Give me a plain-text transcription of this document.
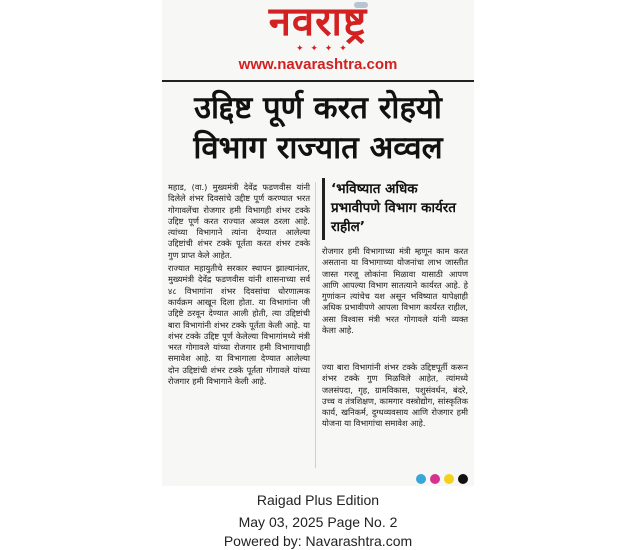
नवराष्ट्र
✦ ✦ ✦ ✦
www.navarashtra.com
उद्दिष्ट पूर्ण करत रोहयो
विभाग राज्यात अव्वल

महाड, (वा.) मुख्यमंत्री देवेंद्र फडणवीस यांनी दिलेले शंभर दिवसांचे उद्दीष्ट पूर्ण करण्यात भरत गोगावलेंचा रोजगार हमी विभागही शंभर टक्के उद्दिष्ट पूर्ण करत राज्यात अव्वल ठरला आहे. त्यांच्या विभागाने त्यांना देण्यात आलेल्या उद्दिष्टांची शंभर टक्के पूर्तता करत शंभर टक्के गुण प्राप्त केले आहेत.

राज्यात महायुतीचे सरकार स्थापन झाल्यानंतर, मुख्यमंत्री देवेंद्र फडणवीस यांनी शासनाच्या सर्व ४८ विभागांना शंभर दिवसांचा धोरणात्मक कार्यक्रम आखून दिला होता. या विभागांना जी उद्दिष्टे ठरवून देण्यात आली होती, त्या उद्दिष्टांची बारा विभागांनी शंभर टक्के पूर्तता केली आहे. या शंभर टक्के उद्दिष्ट पूर्ण केलेल्या विभागांमध्ये मंत्री भरत गोगावले यांच्या रोजगार हमी विभागाचाही समावेश आहे. या विभागाला देण्यात आलेल्या दोन उद्दिष्टांची शंभर टक्के पूर्तता गोगावले यांच्या रोजगार हमी विभागाने केली आहे.

‘भविष्यात अधिक प्रभावीपणे विभाग कार्यरत राहील’

रोजगार हमी विभागाच्या मंत्री म्हणून काम करत असताना या विभागाच्या योजनांचा लाभ जास्तीत जास्त गरजू लोकांना मिळावा यासाठी आपण आणि आपल्या विभाग सातत्याने कार्यरत आहे. हे गुणांकन त्यांचेच यश असून भविष्यात यापेक्षाही अधिक प्रभावीपणे आपला विभाग कार्यरत राहील, असा विश्वास मंत्री भरत गोगावले यांनी व्यक्त केला आहे.

ज्या बारा विभागांनी शंभर टक्के उद्दिष्टपूर्ती करून शंभर टक्के गुण मिळविले आहेत, त्यांमध्ये जलसंपदा, गृह, ग्रामविकास, पशुसंवर्धन, बंदरे, उच्च व तंत्रशिक्षण, कामगार वस्त्रोद्योग, सांस्कृतिक कार्य, खनिकर्म, दुग्धव्यवसाय आणि रोजगार हमी योजना या विभागांचा समावेश आहे.

Raigad Plus Edition
May 03, 2025 Page No. 2
Powered by: Navarashtra.com
